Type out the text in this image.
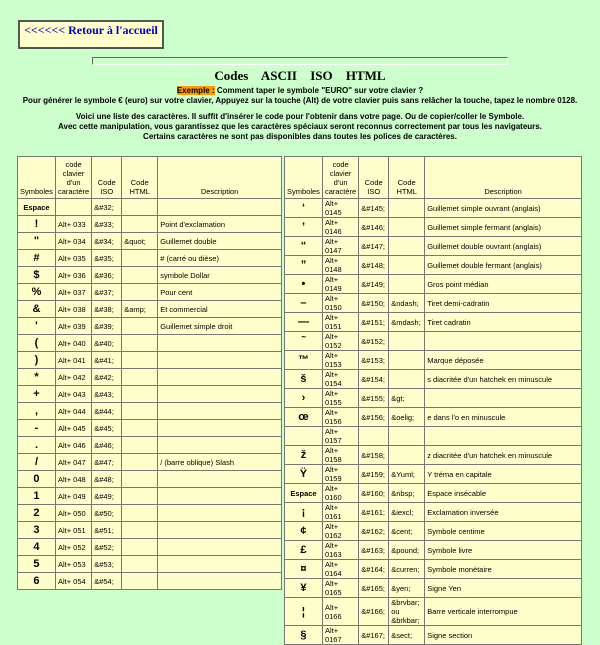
<<<<<< Retour à l'accueil
Codes ASCII ISO HTML
Exemple : Comment taper le symbole "EURO" sur votre clavier ?
Pour générer le symbole € (euro) sur votre clavier, Appuyez sur la touche (Alt) de votre clavier puis sans relâcher la touche, tapez le nombre 0128.
Voici une liste des caractères. Il suffit d'insérer le code pour l'obtenir dans votre page. Ou de copier/coller le Symbole.
Avec cette manipulation, vous garantissez que les caractères spéciaux seront reconnus correctement par tous les navigateurs.
Certains caractères ne sont pas disponibles dans toutes les polices de caractères.
Symboles	code clavier d'un caractère	Code ISO	Code HTML	Description
Espace		&#32;		
!	Alt+ 033	&#33;		Point d'exclamation
"	Alt+ 034	&#34;	&quot;	Guillemet double
#	Alt+ 035	&#35;		# (carré ou dièse)
$	Alt+ 036	&#36;		symbole Dollar
%	Alt+ 037	&#37;		Pour cent
&	Alt+ 038	&#38;	&amp;	Et commercial
'	Alt+ 039	&#39;		Guillemet simple droit
(	Alt+ 040	&#40;		
)	Alt+ 041	&#41;		
*	Alt+ 042	&#42;		
+	Alt+ 043	&#43;		
,	Alt+ 044	&#44;		
-	Alt+ 045	&#45;		
.	Alt+ 046	&#46;		
/	Alt+ 047	&#47;		/ (barre oblique) Slash
0	Alt+ 048	&#48;		
1	Alt+ 049	&#49;		
2	Alt+ 050	&#50;		
3	Alt+ 051	&#51;		
4	Alt+ 052	&#52;		
5	Alt+ 053	&#53;		
6	Alt+ 054	&#54;		
Symboles	code clavier d'un caractère	Code ISO	Code HTML	Description
‘	Alt+ 0145	&#145;		Guillemet simple ouvrant (anglais)
’	Alt+ 0146	&#146;		Guillemet simple fermant (anglais)
“	Alt+ 0147	&#147;		Guillemet double ouvrant (anglais)
”	Alt+ 0148	&#148;		Guillemet double fermant (anglais)
•	Alt+ 0149	&#149;		Gros point médian
–	Alt+ 0150	&#150;	&ndash;	Tiret demi-cadratin
—	Alt+ 0151	&#151;	&mdash;	Tiret cadratin
˜	Alt+ 0152	&#152;		
™	Alt+ 0153	&#153;		Marque déposée
š	Alt+ 0154	&#154;		s diacritée d'un hatchek en minuscule
›	Alt+ 0155	&#155;	&gt;	
œ	Alt+ 0156	&#156;	&oelig;	e dans l'o en minuscule
	Alt+ 0157			
ž	Alt+ 0158	&#158;		z diacritée d'un hatchek en minuscule
Ÿ	Alt+ 0159	&#159;	&Yuml;	Y tréma en capitale
Espace	Alt+ 0160	&#160;	&nbsp;	Espace insécable
¡	Alt+ 0161	&#161;	&iexcl;	Exclamation inversée
¢	Alt+ 0162	&#162;	&cent;	Symbole centime
£	Alt+ 0163	&#163;	&pound;	Symbole livre
¤	Alt+ 0164	&#164;	&curren;	Symbole monétaire
¥	Alt+ 0165	&#165;	&yen;	Signe Yen
¦	Alt+ 0166	&#166;	&brvbar; ou &brkbar;	Barre verticale interrompue
§	Alt+ 0167	&#167;	&sect;	Signe section
